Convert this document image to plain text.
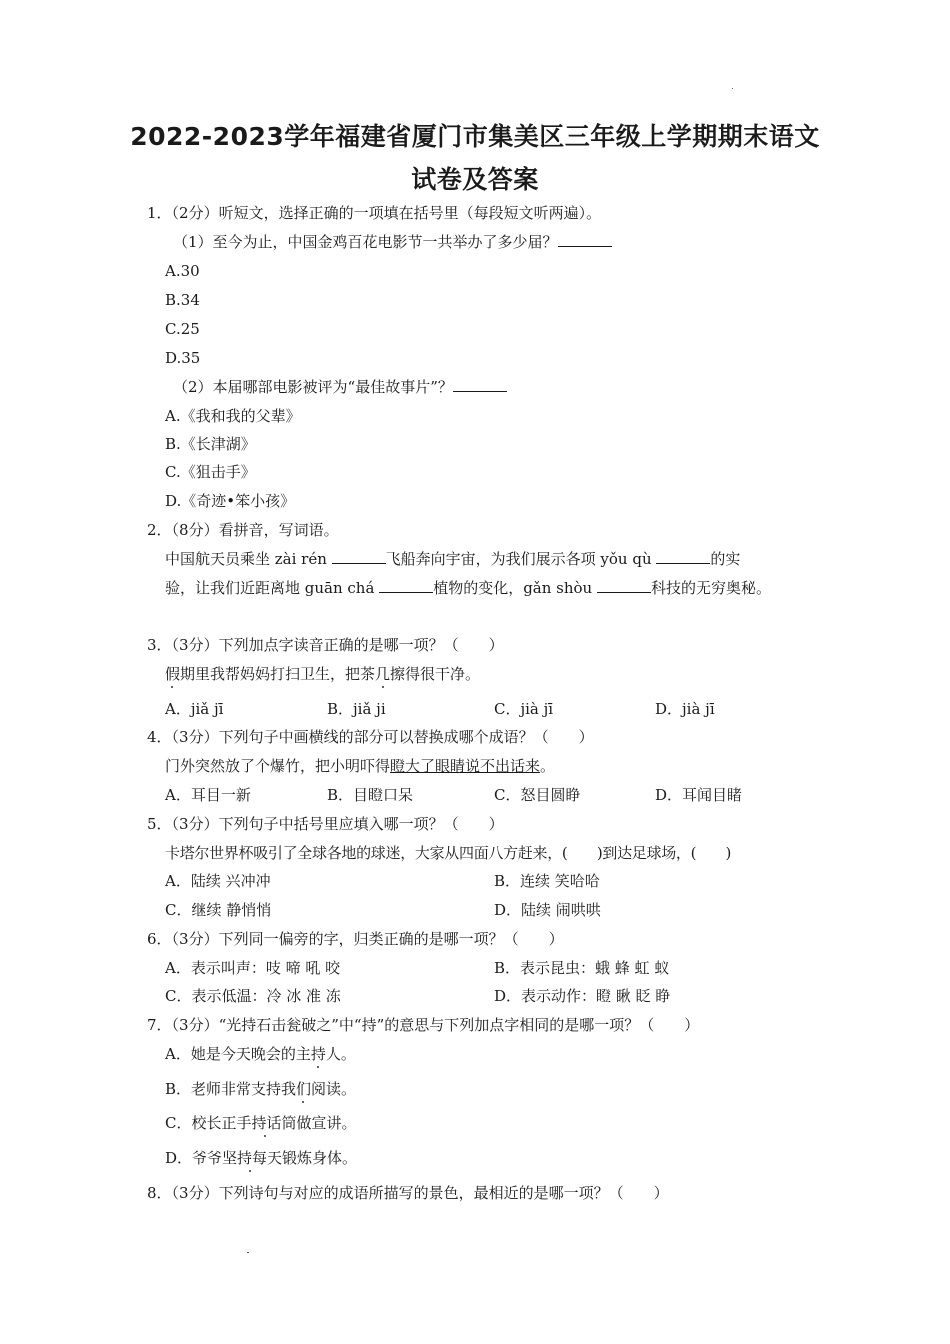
2022-2023学年福建省厦门市集美区三年级上学期期末语文
试卷及答案
1．（2分）听短文，选择正确的一项填在括号里（每段短文听两遍）。
（1）至今为止，中国金鸡百花电影节一共举办了多少届？
A.30
B.34
C.25
D.35
（2）本届哪部电影被评为“最佳故事片”？
A.《我和我的父辈》
B.《长津湖》
C.《狙击手》
D.《奇迹•笨小孩》
2．（8分）看拼音，写词语。
中国航天员乘坐 zài rén	飞船奔向宇宙，为我们展示各项 yǒu qù	的实
验，让我们近距离地 guān chá	植物的变化，gǎn shòu	科技的无穷奥秘。
3．（3分）下列加点字读音正确的是哪一项？（　　）
假期里我帮妈妈打扫卫生，把茶几擦得很干净。
A．jiǎ jī	B．jiǎ ji	C．jià jī	D．jià jī
4．（3分）下列句子中画横线的部分可以替换成哪个成语？（　　）
门外突然放了个爆竹，把小明吓得瞪大了眼睛说不出话来。
A．耳目一新	B．目瞪口呆	C．怒目圆睁	D．耳闻目睹
5．（3分）下列句子中括号里应填入哪一项？（　　）
卡塔尔世界杯吸引了全球各地的球迷，大家从四面八方赶来，(　　)到达足球场，(　　)
A．陆续 兴冲冲	B．连续 笑哈哈
C．继续 静悄悄	D．陆续 闹哄哄
6．（3分）下列同一偏旁的字，归类正确的是哪一项？（　　）
A．表示叫声：吱 啼 吼 咬	B．表示昆虫：蛾 蜂 虹 蚁
C．表示低温：冷 冰 准 冻	D．表示动作：瞪 瞅 眨 睁
7．（3分）“光持石击瓮破之”中“持”的意思与下列加点字相同的是哪一项？（　　）
A．她是今天晚会的主持人。
B．老师非常支持我们阅读。
C．校长正手持话筒做宣讲。
D．爷爷坚持每天锻炼身体。
8．（3分）下列诗句与对应的成语所描写的景色，最相近的是哪一项？（　　）
